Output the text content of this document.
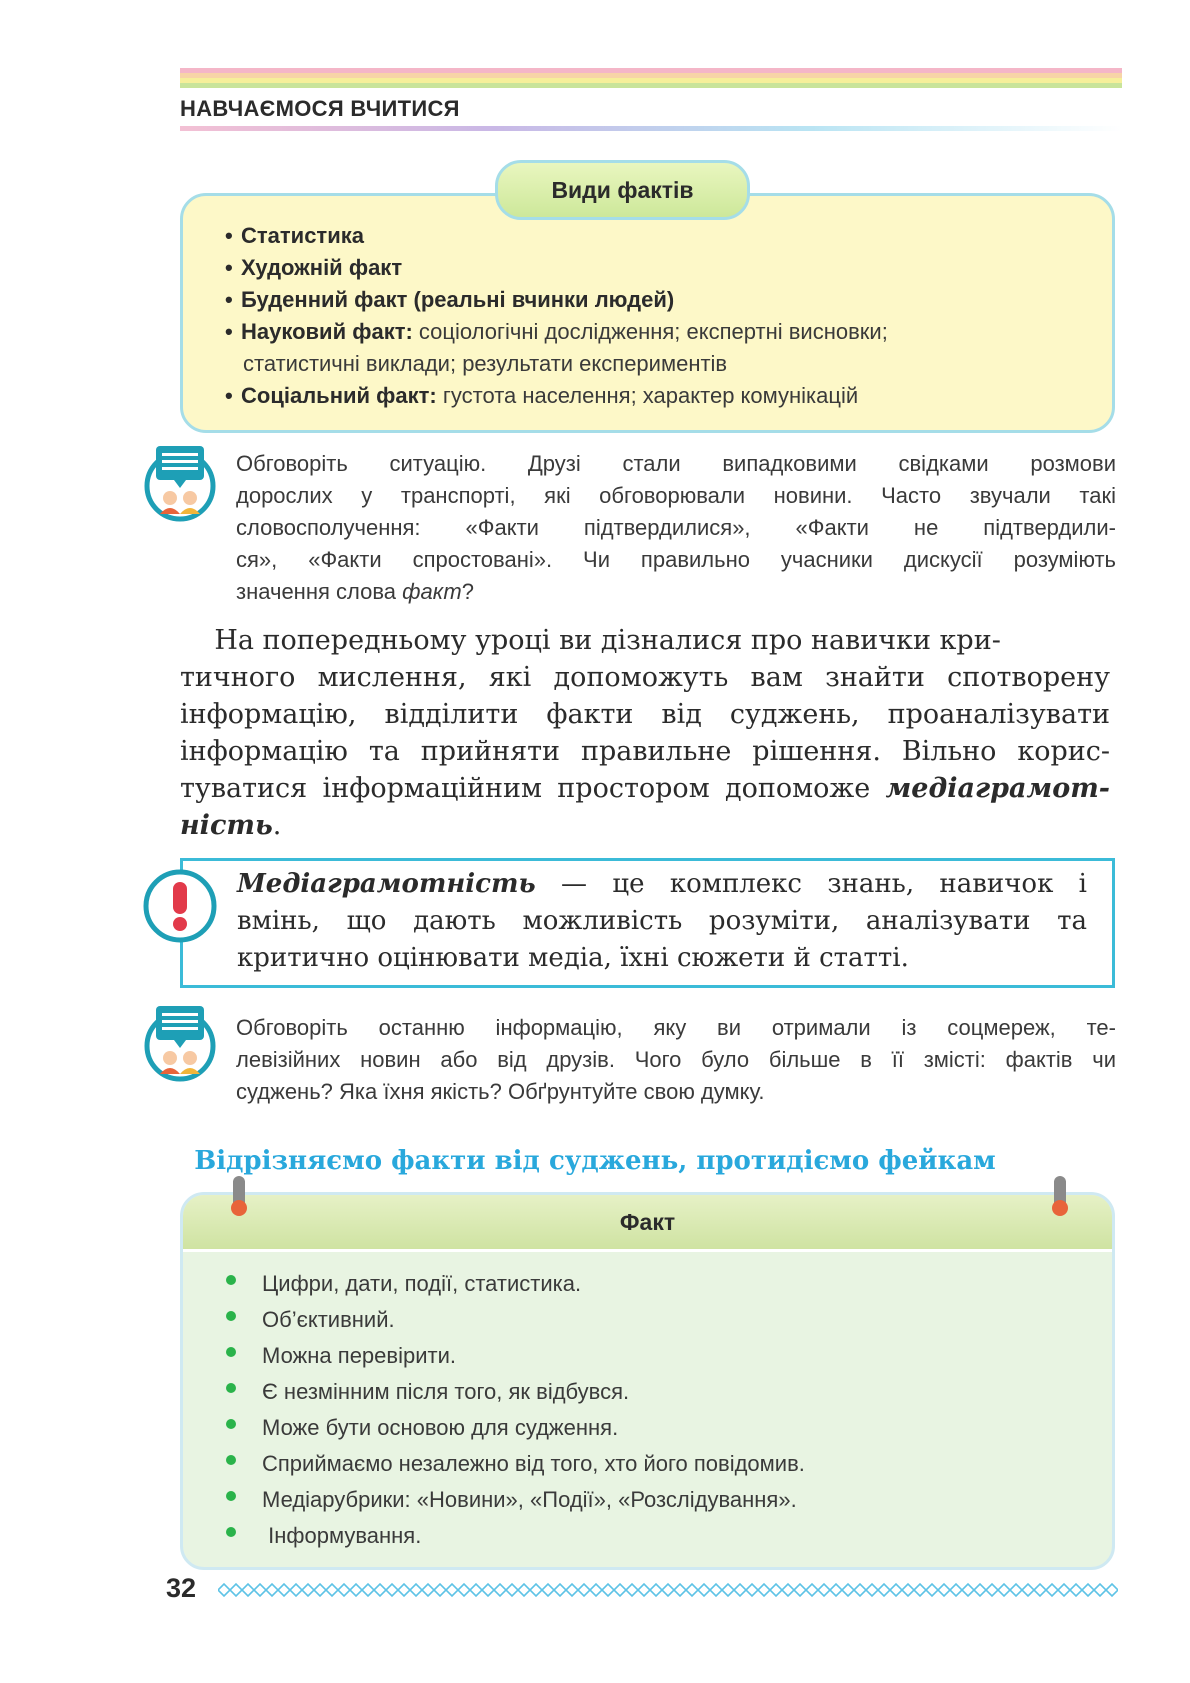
НАВЧАЄМОСЯ ВЧИТИСЯ
Види фактів
• Статистика
• Художній факт
• Буденний факт (реальні вчинки людей)
• Науковий факт: соціологічні дослідження; експертні висновки;
статистичні виклади; результати експериментів
• Соціальний факт: густота населення; характер комунікацій
Обговоріть ситуацію. Друзі стали випадковими свідками розмови
дорослих у транспорті, які обговорювали новини. Часто звучали такі
словосполучення: «Факти підтвердилися», «Факти не підтвердили-
ся», «Факти спростовані». Чи правильно учасники дискусії розуміють
значення слова факт?
На попередньому уроці ви дізналися про навички кри-
тичного мислення, які допоможуть вам знайти спотворену
інформацію, відділити факти від суджень, проаналізувати
інформацію та прийняти правильне рішення. Вільно корис-
туватися інформаційним простором допоможе медіаграмот-
ність.
Медіаграмотність — це комплекс знань, навичок і
вмінь, що дають можливість розуміти, аналізувати та
критично оцінювати медіа, їхні сюжети й статті.
Обговоріть останню інформацію, яку ви отримали із соцмереж, те-
левізійних новин або від друзів. Чого було більше в її змісті: фактів чи
суджень? Яка їхня якість? Обґрунтуйте свою думку.
Відрізняємо факти від суджень, протидіємо фейкам
Факт
Цифри, дати, події, статистика.
Об’єктивний.
Можна перевірити.
Є незмінним після того, як відбувся.
Може бути основою для судження.
Сприймаємо незалежно від того, хто його повідомив.
Медіарубрики: «Новини», «Події», «Розслідування».
Інформування.
32
